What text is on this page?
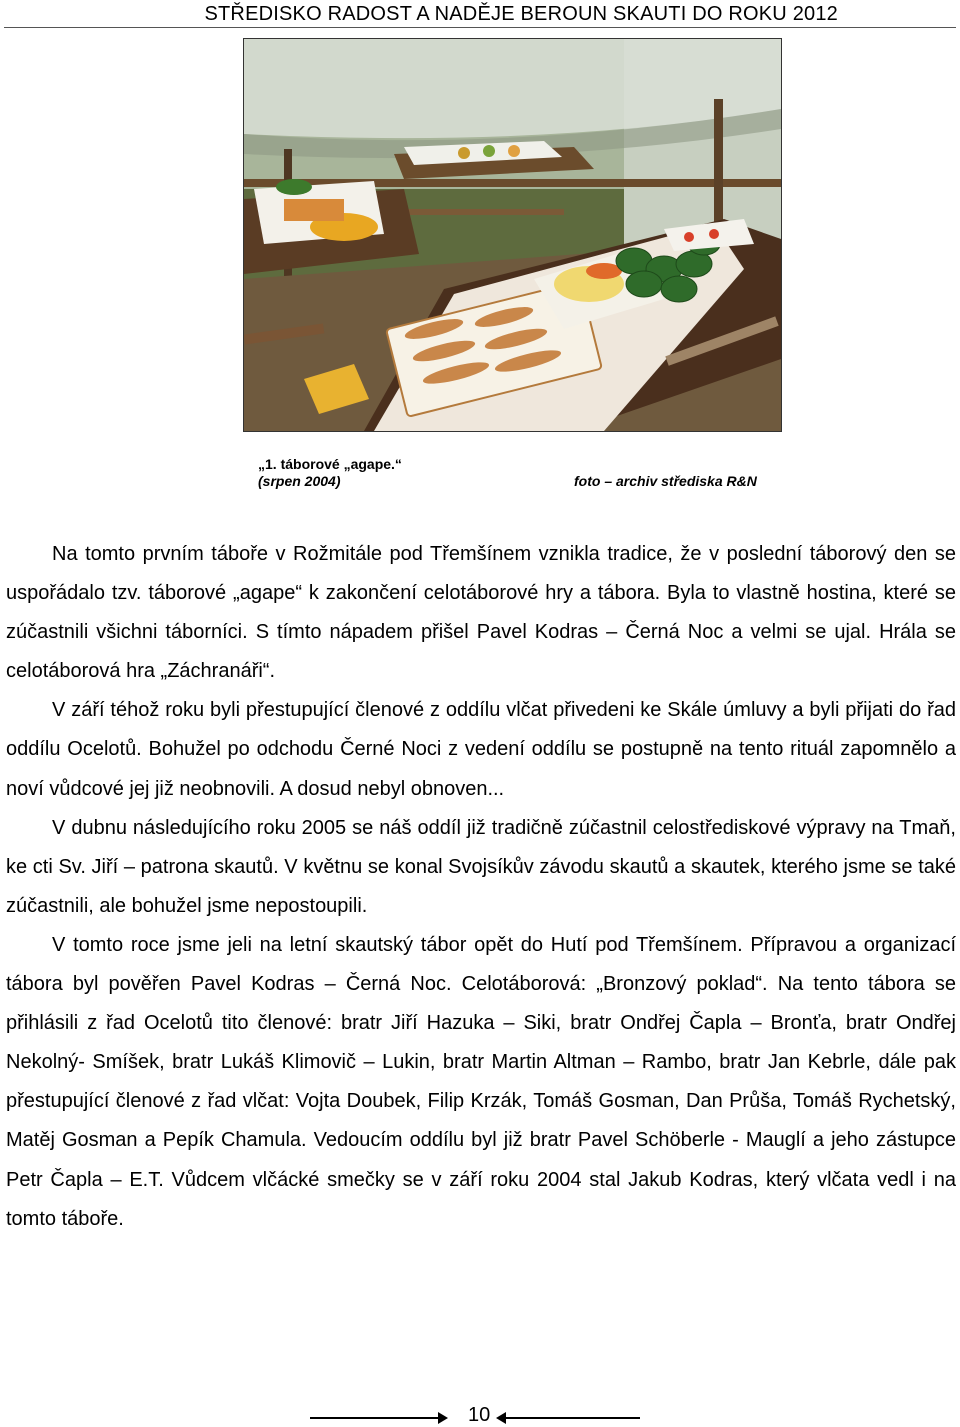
STŘEDISKO RADOST A NADĚJE BEROUN SKAUTI DO ROKU 2012
„1. táborové „agape.“
(srpen 2004)	foto – archiv střediska R&N

Na tomto prvním táboře v Rožmitále pod Třemšínem vznikla tradice, že v poslední táborový den se uspořádalo tzv. táborové „agape“ k zakončení celotáborové hry a tábora. Byla to vlastně hostina, které se zúčastnili všichni táborníci. S tímto nápadem přišel Pavel Kodras – Černá Noc a velmi se ujal. Hrála se celotáborová hra „Záchranáři“.

V září téhož roku byli přestupující členové z oddílu vlčat přivedeni ke Skále úmluvy a byli přijati do řad oddílu Ocelotů. Bohužel po odchodu Černé Noci z vedení oddílu se postupně na tento rituál zapomnělo a noví vůdcové jej již neobnovili. A dosud nebyl obnoven...

V dubnu následujícího roku 2005 se náš oddíl již tradičně zúčastnil celostřediskové výpravy na Tmaň, ke cti Sv. Jiří – patrona skautů. V květnu se konal Svojsíkův závodu skautů a skautek, kterého jsme se také zúčastnili, ale bohužel jsme nepostoupili.

V tomto roce jsme jeli na letní skautský tábor opět do Hutí pod Třemšínem. Přípravou a organizací tábora byl pověřen Pavel Kodras – Černá Noc. Celotáborová: „Bronzový poklad“. Na tento tábora se přihlásili z řad Ocelotů tito členové: bratr Jiří Hazuka – Siki, bratr Ondřej Čapla – Bronťa, bratr Ondřej Nekolný- Smíšek, bratr Lukáš Klimovič – Lukin, bratr Martin Altman – Rambo, bratr Jan Kebrle, dále pak přestupující členové z řad vlčat: Vojta Doubek, Filip Krzák, Tomáš Gosman, Dan Průša, Tomáš Rychetský, Matěj Gosman a Pepík Chamula. Vedoucím oddílu byl již bratr Pavel Schöberle - Mauglí a jeho zástupce Petr Čapla – E.T. Vůdcem vlčácké smečky se v září roku 2004 stal Jakub Kodras, který vlčata vedl i na tomto táboře.

10
